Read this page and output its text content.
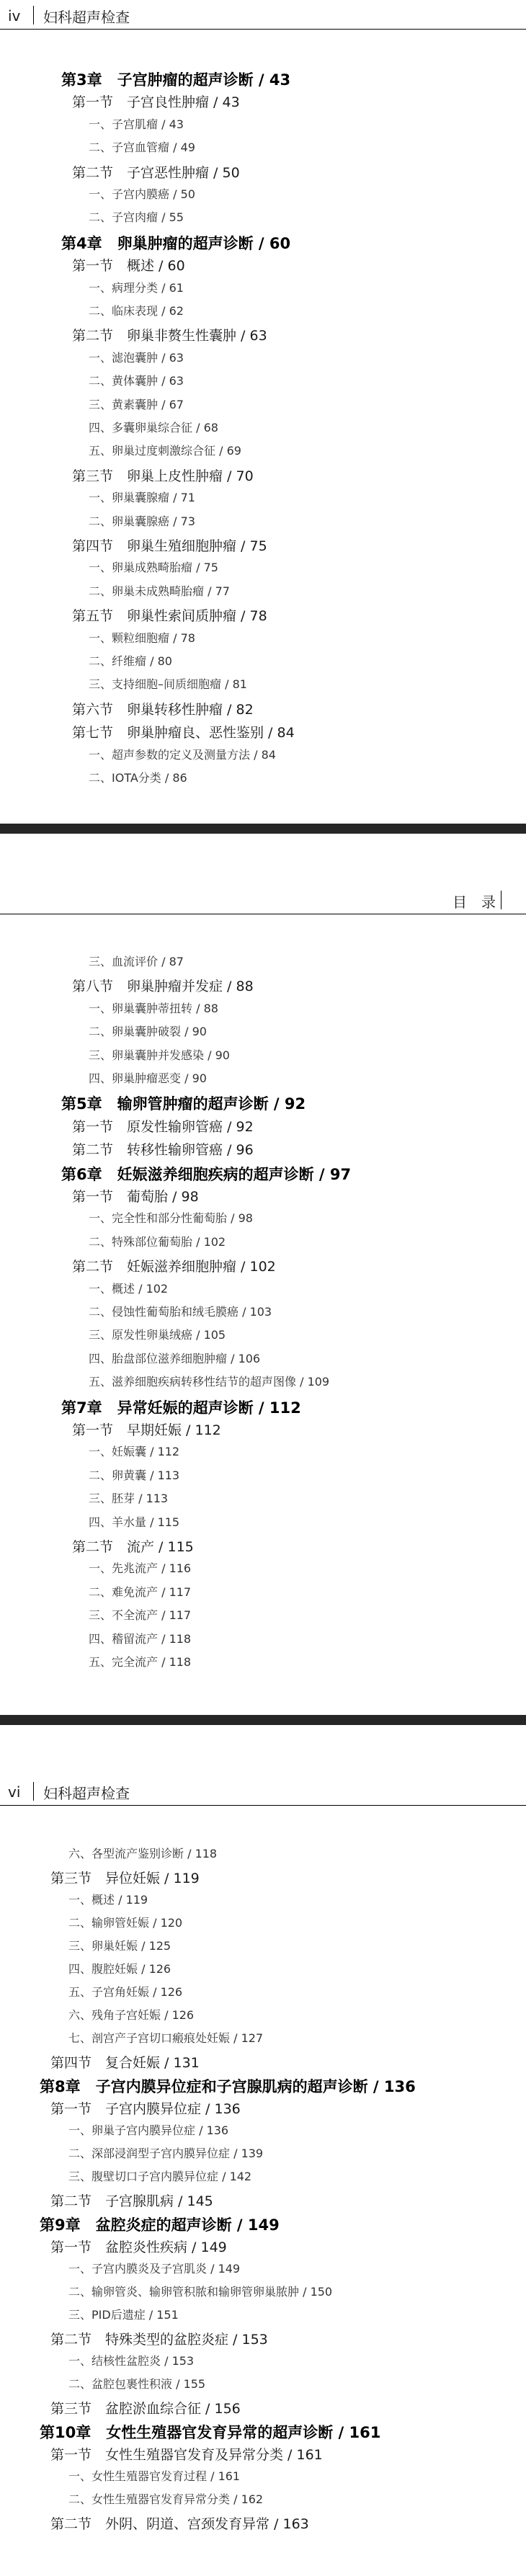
iv 妇科超声检查
第3章　子宫肿瘤的超声诊断 / 43
第一节　子宫良性肿瘤 / 43
一、子宫肌瘤 / 43
二、子宫血管瘤 / 49
第二节　子宫恶性肿瘤 / 50
一、子宫内膜癌 / 50
二、子宫肉瘤 / 55
第4章　卵巢肿瘤的超声诊断 / 60
第一节　概述 / 60
一、病理分类 / 61
二、临床表现 / 62
第二节　卵巢非赘生性囊肿 / 63
一、滤泡囊肿 / 63
二、黄体囊肿 / 63
三、黄素囊肿 / 67
四、多囊卵巢综合征 / 68
五、卵巢过度刺激综合征 / 69
第三节　卵巢上皮性肿瘤 / 70
一、卵巢囊腺瘤 / 71
二、卵巢囊腺癌 / 73
第四节　卵巢生殖细胞肿瘤 / 75
一、卵巢成熟畸胎瘤 / 75
二、卵巢未成熟畸胎瘤 / 77
第五节　卵巢性索间质肿瘤 / 78
一、颗粒细胞瘤 / 78
二、纤维瘤 / 80
三、支持细胞–间质细胞瘤 / 81
第六节　卵巢转移性肿瘤 / 82
第七节　卵巢肿瘤良、恶性鉴别 / 84
一、超声参数的定义及测量方法 / 84
二、IOTA分类 / 86
目　录
三、血流评价 / 87
第八节　卵巢肿瘤并发症 / 88
一、卵巢囊肿蒂扭转 / 88
二、卵巢囊肿破裂 / 90
三、卵巢囊肿并发感染 / 90
四、卵巢肿瘤恶变 / 90
第5章　输卵管肿瘤的超声诊断 / 92
第一节　原发性输卵管癌 / 92
第二节　转移性输卵管癌 / 96
第6章　妊娠滋养细胞疾病的超声诊断 / 97
第一节　葡萄胎 / 98
一、完全性和部分性葡萄胎 / 98
二、特殊部位葡萄胎 / 102
第二节　妊娠滋养细胞肿瘤 / 102
一、概述 / 102
二、侵蚀性葡萄胎和绒毛膜癌 / 103
三、原发性卵巢绒癌 / 105
四、胎盘部位滋养细胞肿瘤 / 106
五、滋养细胞疾病转移性结节的超声图像 / 109
第7章　异常妊娠的超声诊断 / 112
第一节　早期妊娠 / 112
一、妊娠囊 / 112
二、卵黄囊 / 113
三、胚芽 / 113
四、羊水量 / 115
第二节　流产 / 115
一、先兆流产 / 116
二、难免流产 / 117
三、不全流产 / 117
四、稽留流产 / 118
五、完全流产 / 118
vi 妇科超声检查
六、各型流产鉴别诊断 / 118
第三节　异位妊娠 / 119
一、概述 / 119
二、输卵管妊娠 / 120
三、卵巢妊娠 / 125
四、腹腔妊娠 / 126
五、子宫角妊娠 / 126
六、残角子宫妊娠 / 126
七、剖宫产子宫切口瘢痕处妊娠 / 127
第四节　复合妊娠 / 131
第8章　子宫内膜异位症和子宫腺肌病的超声诊断 / 136
第一节　子宫内膜异位症 / 136
一、卵巢子宫内膜异位症 / 136
二、深部浸润型子宫内膜异位症 / 139
三、腹壁切口子宫内膜异位症 / 142
第二节　子宫腺肌病 / 145
第9章　盆腔炎症的超声诊断 / 149
第一节　盆腔炎性疾病 / 149
一、子宫内膜炎及子宫肌炎 / 149
二、输卵管炎、输卵管积脓和输卵管卵巢脓肿 / 150
三、PID后遗症 / 151
第二节　特殊类型的盆腔炎症 / 153
一、结核性盆腔炎 / 153
二、盆腔包裹性积液 / 155
第三节　盆腔淤血综合征 / 156
第10章　女性生殖器官发育异常的超声诊断 / 161
第一节　女性生殖器官发育及异常分类 / 161
一、女性生殖器官发育过程 / 161
二、女性生殖器官发育异常分类 / 162
第二节　外阴、阴道、宫颈发育异常 / 163
